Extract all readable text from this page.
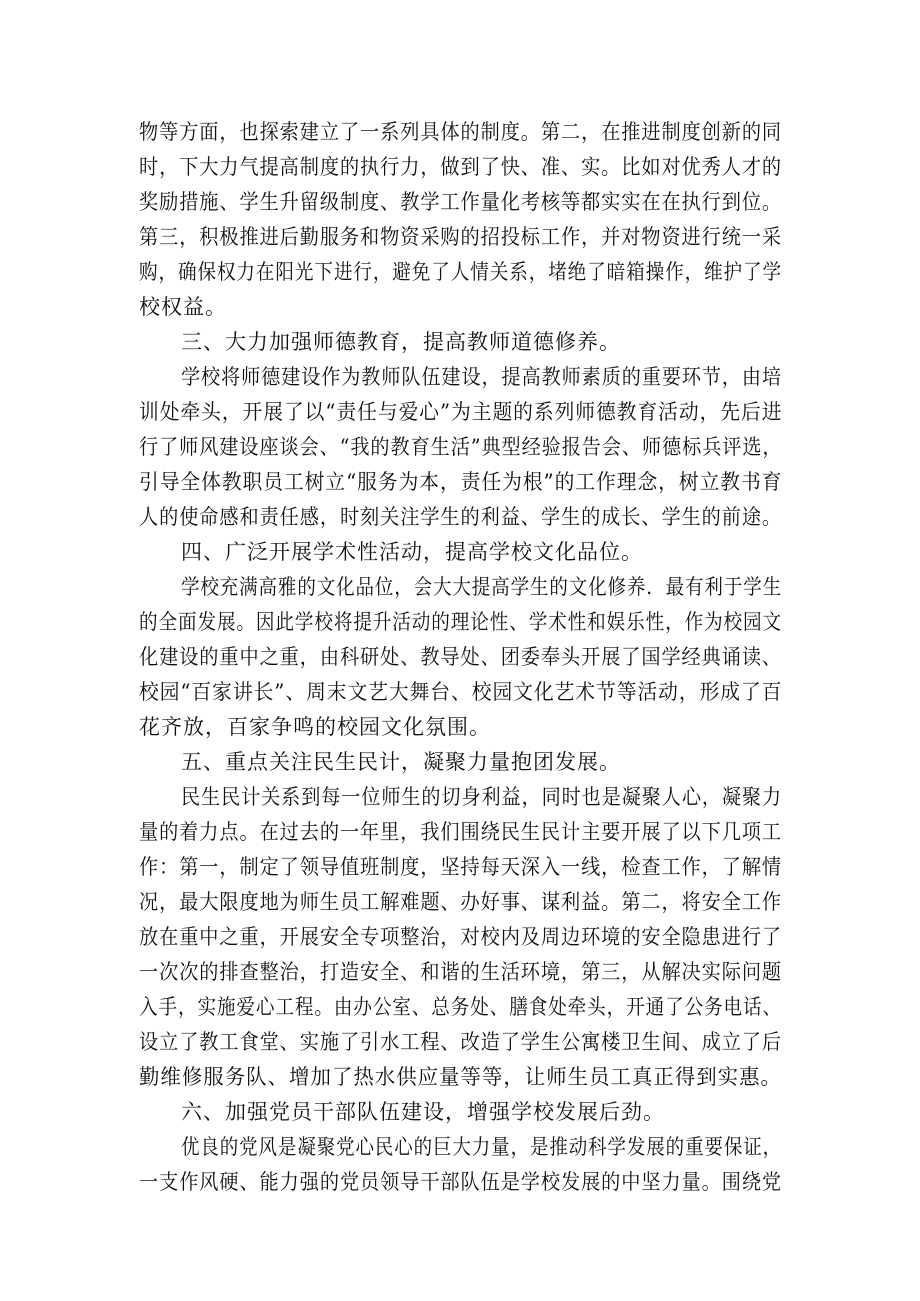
物等方面，也探索建立了一系列具体的制度。第二，在推进制度创新的同
时，下大力气提高制度的执行力，做到了快、准、实。比如对优秀人才的
奖励措施、学生升留级制度、教学工作量化考核等都实实在在执行到位。
第三，积极推进后勤服务和物资采购的招投标工作，并对物资进行统一采
购，确保权力在阳光下进行，避免了人情关系，堵绝了暗箱操作，维护了学
校权益。
三、大力加强师德教育，提高教师道德修养。
学校将师德建设作为教师队伍建设，提高教师素质的重要环节，由培
训处牵头，开展了以“责任与爱心”为主题的系列师德教育活动，先后进
行了师风建设座谈会、“我的教育生活”典型经验报告会、师德标兵评选，
引导全体教职员工树立“服务为本，责任为根”的工作理念，树立教书育
人的使命感和责任感，时刻关注学生的利益、学生的成长、学生的前途。
四、广泛开展学术性活动，提高学校文化品位。
学校充满高雅的文化品位，会大大提高学生的文化修养．最有利于学生
的全面发展。因此学校将提升活动的理论性、学术性和娱乐性，作为校园文
化建设的重中之重，由科研处、教导处、团委奉头开展了国学经典诵读、
校园“百家讲长”、周末文艺大舞台、校园文化艺术节等活动，形成了百
花齐放，百家争鸣的校园文化氛围。
五、重点关注民生民计，凝聚力量抱团发展。
民生民计关系到每一位师生的切身利益，同时也是凝聚人心，凝聚力
量的着力点。在过去的一年里，我们围绕民生民计主要开展了以下几项工
作：第一，制定了领导值班制度，坚持每天深入一线，检查工作，了解情
况，最大限度地为师生员工解难题、办好事、谋利益。第二，将安全工作
放在重中之重，开展安全专项整治，对校内及周边环境的安全隐患进行了
一次次的排查整治，打造安全、和谐的生活环境，第三，从解决实际问题
入手，实施爱心工程。由办公室、总务处、膳食处牵头，开通了公务电话、
设立了教工食堂、实施了引水工程、改造了学生公寓楼卫生间、成立了后
勤维修服务队、增加了热水供应量等等，让师生员工真正得到实惠。
六、加强党员干部队伍建设，增强学校发展后劲。
优良的党风是凝聚党心民心的巨大力量，是推动科学发展的重要保证，
一支作风硬、能力强的党员领导干部队伍是学校发展的中坚力量。围绕党
